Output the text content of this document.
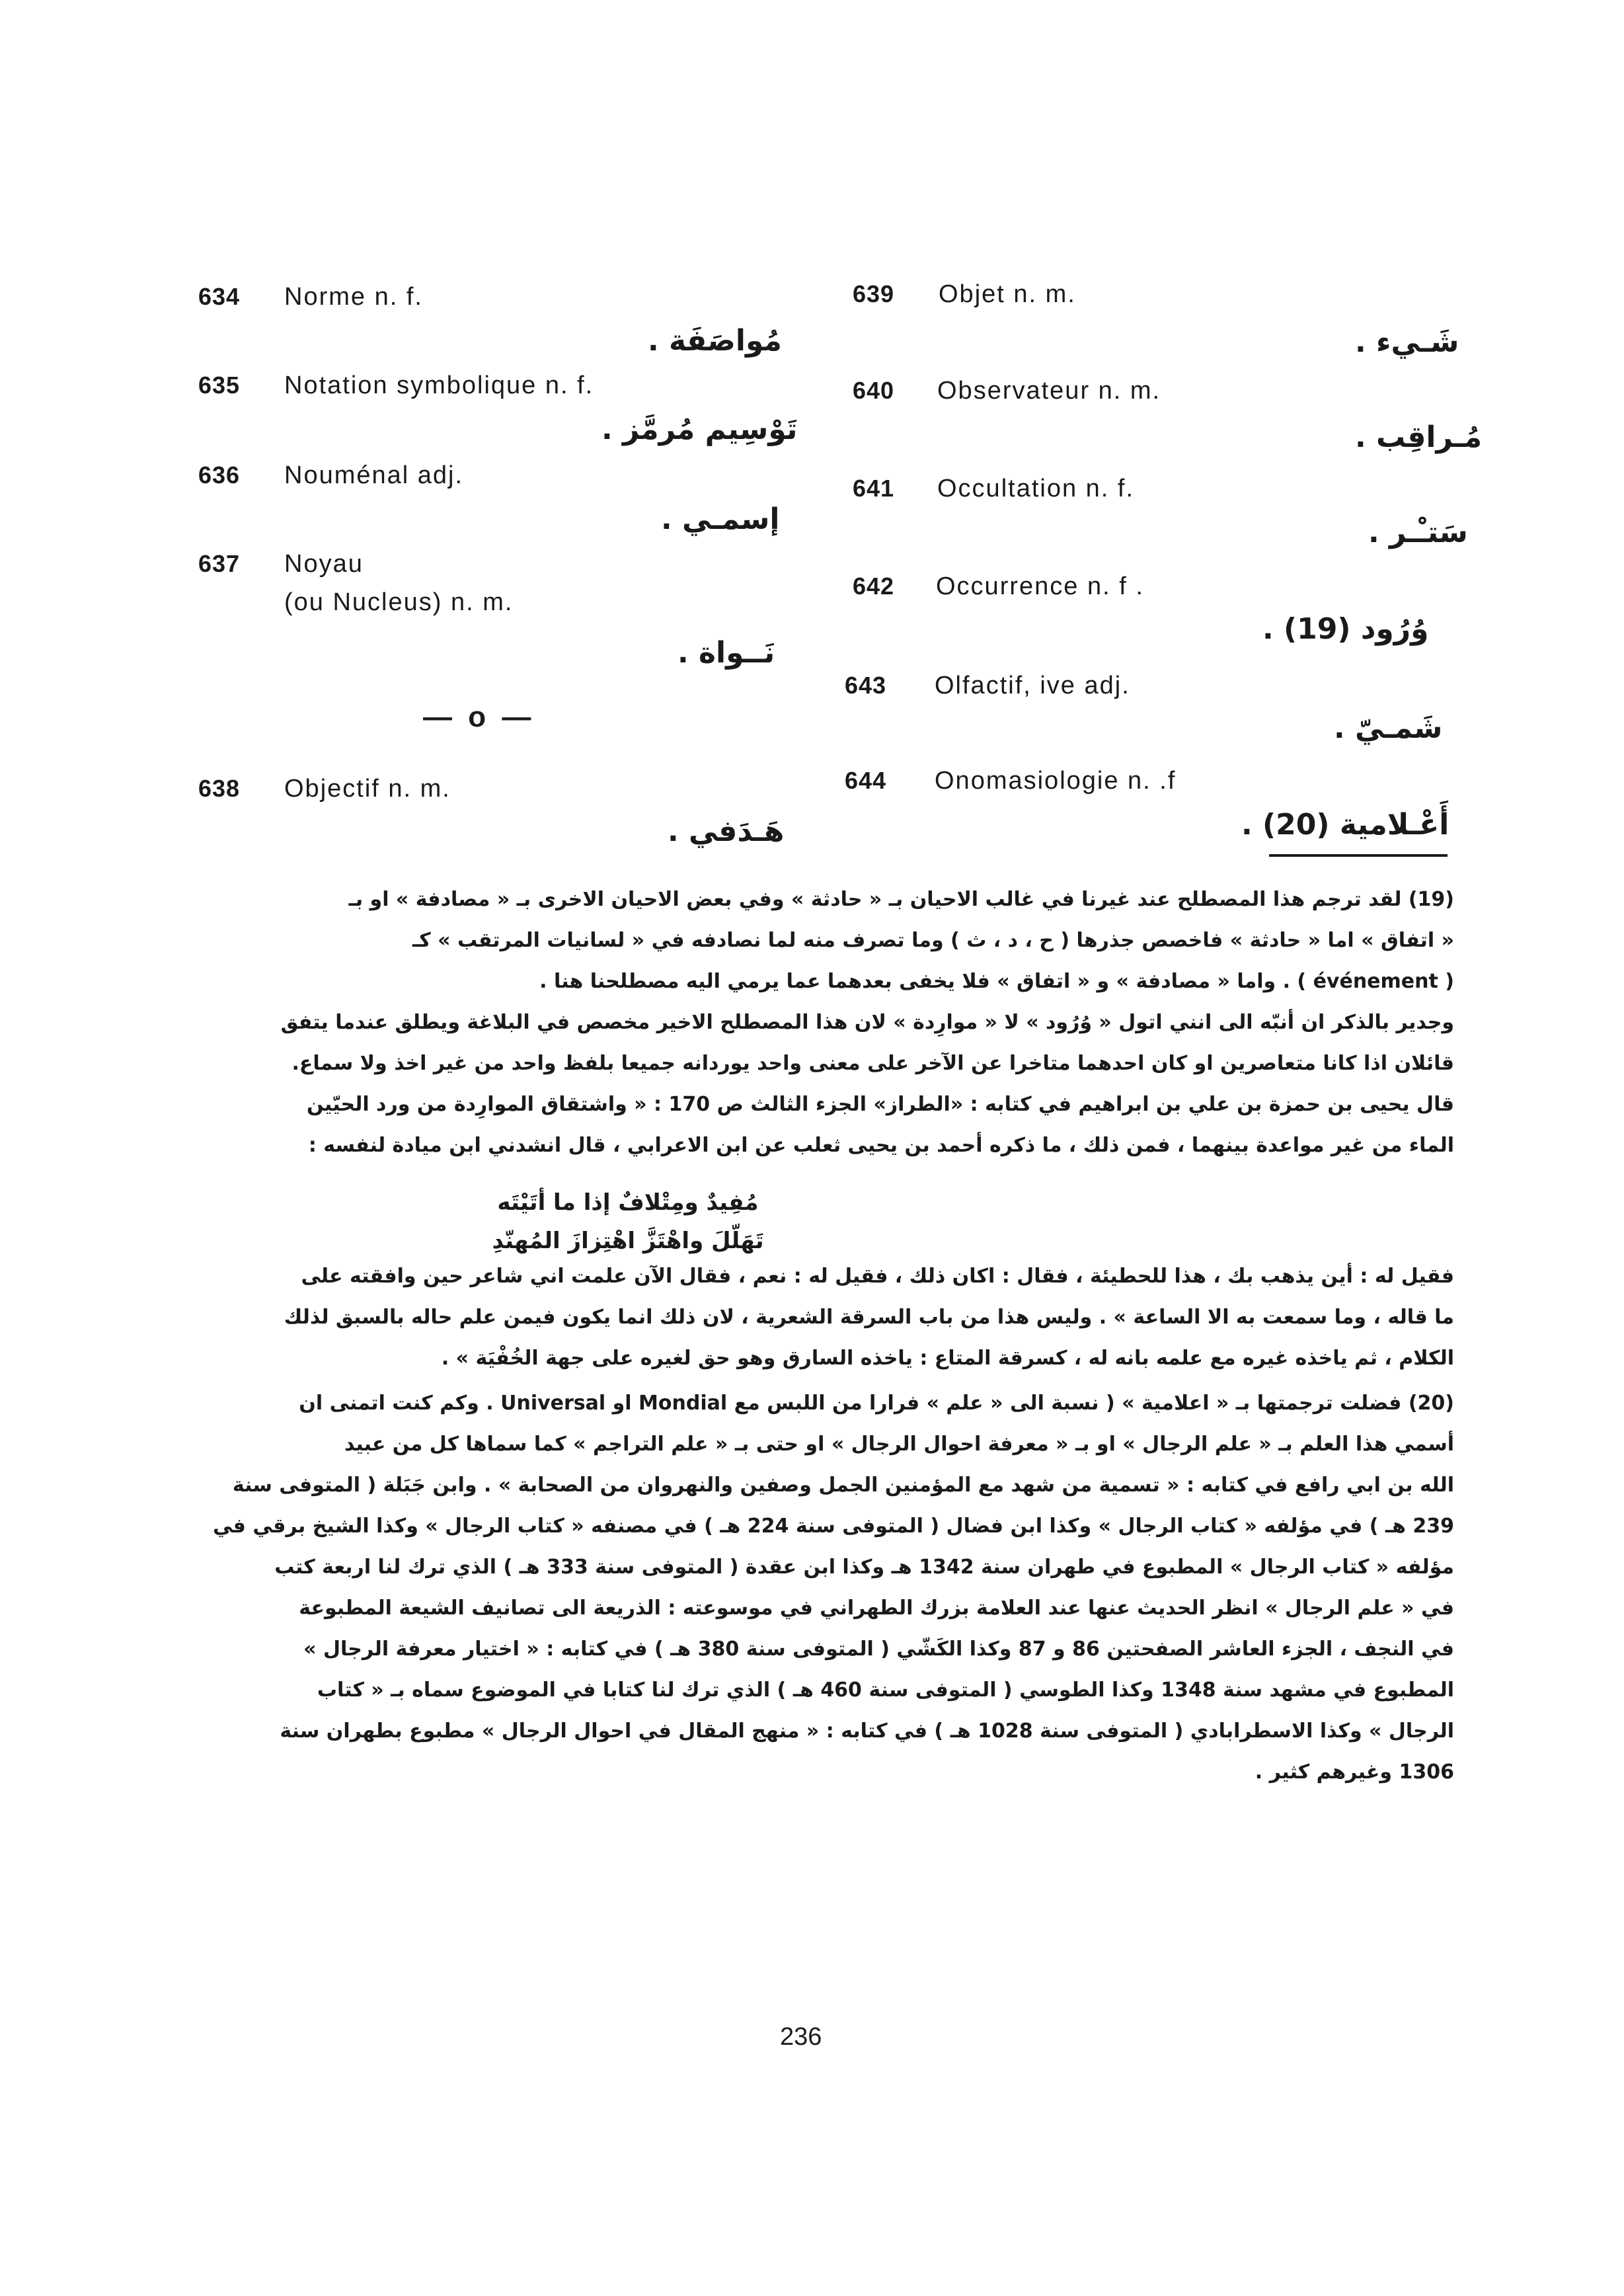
634 Norme n. f.
مُواصَفَة .
635 Notation symbolique n. f.
تَوْسِيم مُرمَّز .
636 Nouménal adj.
إسمـي .
637 Noyau
(ou Nucleus) n. m.
نَــواة .
— o —
638 Objectif n. m.
هَـدَفي .
639 Objet n. m.
شَـيء .
640 Observateur n. m.
مُـراقِب .
641 Occultation n. f.
سَتـْـر .
642 Occurrence n. f .
وُرُود (19) .
643 Olfactif, ive adj.
شَمـيّ .
644 Onomasiologie n. .f
أَعْـلامية (20) .
(19) لقد ترجم هذا المصطلح عند غيرنا في غالب الاحيان بـ « حادثة » وفي بعض الاحيان الاخرى بـ « مصادفة » او بـ
« اتفاق » اما « حادثة » فاخصص جذرها ( ح ، د ، ث ) وما تصرف منه لما نصادفه في « لسانيات المرتقب » كـ
( événement ) . واما « مصادفة » و « اتفاق » فلا يخفى بعدهما عما يرمي اليه مصطلحنا هنا .
وجدير بالذكر ان أنبّه الى انني اتول « وُرُود » لا « موارِدة » لان هذا المصطلح الاخير مخصص في البلاغة ويطلق عندما يتفق
قائلان اذا كانا متعاصرين او كان احدهما متاخرا عن الآخر على معنى واحد يوردانه جميعا بلفظ واحد من غير اخذ ولا سماع.
قال يحيى بن حمزة بن علي بن ابراهيم في كتابه : «الطراز» الجزء الثالث ص 170 : « واشتقاق الموارِدة من ورد الحيّين
الماء من غير مواعدة بينهما ، فمن ذلك ، ما ذكره أحمد بن يحيى ثعلب عن ابن الاعرابي ، قال انشدني ابن ميادة لنفسه :
مُفِيدٌ ومِتْلافٌ إذا ما أتَيْتَه
تَهَلّلَ واهْتَزَّ اهْتِزازَ المُهنّدِ
فقيل له : أين يذهب بك ، هذا للحطيئة ، فقال : اكان ذلك ، فقيل له : نعم ، فقال الآن علمت اني شاعر حين وافقته على
ما قاله ، وما سمعت به الا الساعة » . وليس هذا من باب السرقة الشعرية ، لان ذلك انما يكون فيمن علم حاله بالسبق لذلك
الكلام ، ثم ياخذه غيره مع علمه بانه له ، كسرقة المتاع : ياخذه السارق وهو حق لغيره على جهة الخُفْيَة » .
(20) فضلت ترجمتها بـ « اعلامية » ( نسبة الى « علم » فرارا من اللبس مع Mondial او Universal . وكم كنت اتمنى ان
أسمي هذا العلم بـ « علم الرجال » او بـ « معرفة احوال الرجال » او حتى بـ « علم التراجم » كما سماها كل من عبيد
الله بن ابي رافع في كتابه : « تسمية من شهد مع المؤمنين الجمل وصفين والنهروان من الصحابة » . وابن جَبَلة ( المتوفى سنة
239 هـ ) في مؤلفه « كتاب الرجال » وكذا ابن فضال ( المتوفى سنة 224 هـ ) في مصنفه « كتاب الرجال » وكذا الشيخ برقي في
مؤلفه « كتاب الرجال » المطبوع في طهران سنة 1342 هـ وكذا ابن عقدة ( المتوفى سنة 333 هـ ) الذي ترك لنا اربعة كتب
في « علم الرجال » انظر الحديث عنها عند العلامة بزرك الطهراني في موسوعته : الذريعة الى تصانيف الشيعة المطبوعة
في النجف ، الجزء العاشر الصفحتين 86 و 87 وكذا الكَشّي ( المتوفى سنة 380 هـ ) في كتابه : « اختيار معرفة الرجال »
المطبوع في مشهد سنة 1348 وكذا الطوسي ( المتوفى سنة 460 هـ ) الذي ترك لنا كتابا في الموضوع سماه بـ « كتاب
الرجال » وكذا الاسطرابادي ( المتوفى سنة 1028 هـ ) في كتابه : « منهج المقال في احوال الرجال » مطبوع بطهران سنة
1306 وغيرهم كثير .
236
